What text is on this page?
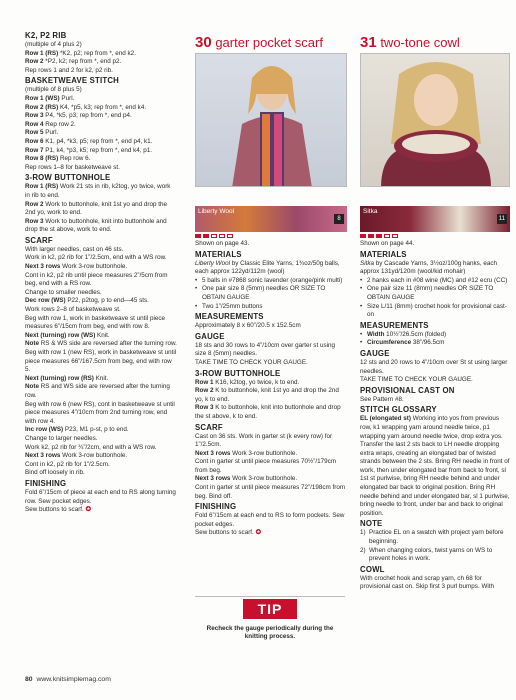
K2, P2 RIB

(multiple of 4 plus 2)

Row 1 (RS) *K2, p2; rep from *, end k2.

Row 2 *P2, k2; rep from *, end p2.

Rep rows 1 and 2 for k2, p2 rib.

BASKETWEAVE STITCH

(multiple of 8 plus 5)

Row 1 (WS) Purl.

Row 2 (RS) K4, *p5, k3; rep from *, end k4.

Row 3 P4, *k5, p3; rep from *, end p4.

Row 4 Rep row 2.

Row 5 Purl.

Row 6 K1, p4, *k3, p5; rep from *, end p4, k1.

Row 7 P1, k4, *p3, k5; rep from *, end k4, p1.

Row 8 (RS) Rep row 6.

Rep rows 1–8 for basketweave st.

3-ROW BUTTONHOLE

Row 1 (RS) Work 21 sts in rib, k2tog, yo twice, work in rib to end.

Row 2 Work to buttonhole, knit 1st yo and drop the 2nd yo, work to end.

Row 3 Work to buttonhole, knit into buttonhole and drop the st above, work to end.

SCARF

With larger needles, cast on 46 sts.

Work in k2, p2 rib for 1”/2.5cm, end with a WS row.

Next 3 rows Work 3-row buttonhole.

Cont in k2, p2 rib until piece measures 2”/5cm from beg, end with a RS row.

Change to smaller needles.

Dec row (WS) P22, p2tog, p to end—45 sts.

Work rows 2–8 of basketweave st.

Beg with row 1, work in basketweave st until piece measures 6”/15cm from beg, end with row 8.

Next (turning) row (WS) Knit.

Note RS & WS side are reversed after the turning row.

Beg with row 1 (new RS), work in basketweave st until piece measures 66”/167.5cm from beg, end with row 5.

Next (turning) row (RS) Knit.

Note RS and WS side are reversed after the turning row.

Beg with row 6 (new RS), cont in basketweave st until piece measures 4”/10cm from 2nd turning row, end with row 4.

Inc row (WS) P23, M1 p-st, p to end.

Change to larger needles.

Work k2, p2 rib for ¾”/2cm, end with a WS row.

Next 3 rows Work 3-row buttonhole.

Cont in k2, p2 rib for 1”/2.5cm.

Bind off loosely in rib.

FINISHING

Fold 6”/15cm of piece at each end to RS along turning row. Sew pocket edges.

Sew buttons to scarf. ✪

30 garter pocket scarf
Liberty Wool
8

Shown on page 43.

MATERIALS

Liberty Wool by Classic Elite Yarns, 1¾oz/50g balls, each approx 122yd/112m (wool)

• 5 balls in #7868 sonic lavender (orange/pink multi)

• One pair size 8 (5mm) needles OR SIZE TO OBTAIN GAUGE

• Two 1”/25mm buttons

MEASUREMENTS

Approximately 8 x 60”/20.5 x 152.5cm

GAUGE

18 sts and 30 rows to 4”/10cm over garter st using size 8 (5mm) needles.

TAKE TIME TO CHECK YOUR GAUGE.

3-ROW BUTTONHOLE

Row 1 K16, k2tog, yo twice, k to end.

Row 2 K to buttonhole, knit 1st yo and drop the 2nd yo, k to end.

Row 3 K to buttonhole, knit into buttonhole and drop the st above, k to end.

SCARF

Cast on 36 sts. Work in garter st (k every row) for 1”/2.5cm.

Next 3 rows Work 3-row buttonhole.

Cont in garter st until piece measures 70½”/179cm from beg.

Next 3 rows Work 3-row buttonhole.

Cont in garter st until piece measures 72”/198cm from beg. Bind off.

FINISHING

Fold 6”/15cm at each end to RS to form pockets. Sew pocket edges.

Sew buttons to scarf. ✪

TIP
Recheck the gauge periodically during the knitting process.
31 two-tone cowl
Sitka
11

Shown on page 44.

MATERIALS

Sitka by Cascade Yarns, 3½oz/100g hanks, each approx 131yd/120m (wool/kid mohair)

• 2 hanks each in #08 wine (MC) and #12 ecru (CC)

• One pair size 11 (8mm) needles OR SIZE TO OBTAIN GAUGE

• Size L/11 (8mm) crochet hook for provisional cast-on

MEASUREMENTS

• Width 10½”/26.5cm (folded)

• Circumference 38”/96.5cm

GAUGE

12 sts and 20 rows to 4”/10cm over St st using larger needles.

TAKE TIME TO CHECK YOUR GAUGE.

PROVISIONAL CAST ON

See Pattern #8.

STITCH GLOSSARY

EL (elongated st) Working into yos from previous row, k1 wrapping yarn around needle twice, p1 wrapping yarn around needle twice, drop extra yos. Transfer the last 2 sts back to LH needle dropping extra wraps, creating an elongated bar of twisted strands between the 2 sts. Bring RH needle in front of work, then under elongated bar from back to front, sl 1st st purlwise, bring RH needle behind and under elongated bar back to original position. Bring RH needle behind and under elongated bar, sl 1 purlwise, bring needle to front, under bar and back to original position.

NOTE

1) Practice EL on a swatch with project yarn before beginning.

2) When changing colors, twist yarns on WS to prevent holes in work.

COWL

With crochet hook and scrap yarn, ch 68 for provisional cast on. Skip first 3 purl bumps. With

80 www.knitsimplemag.com
